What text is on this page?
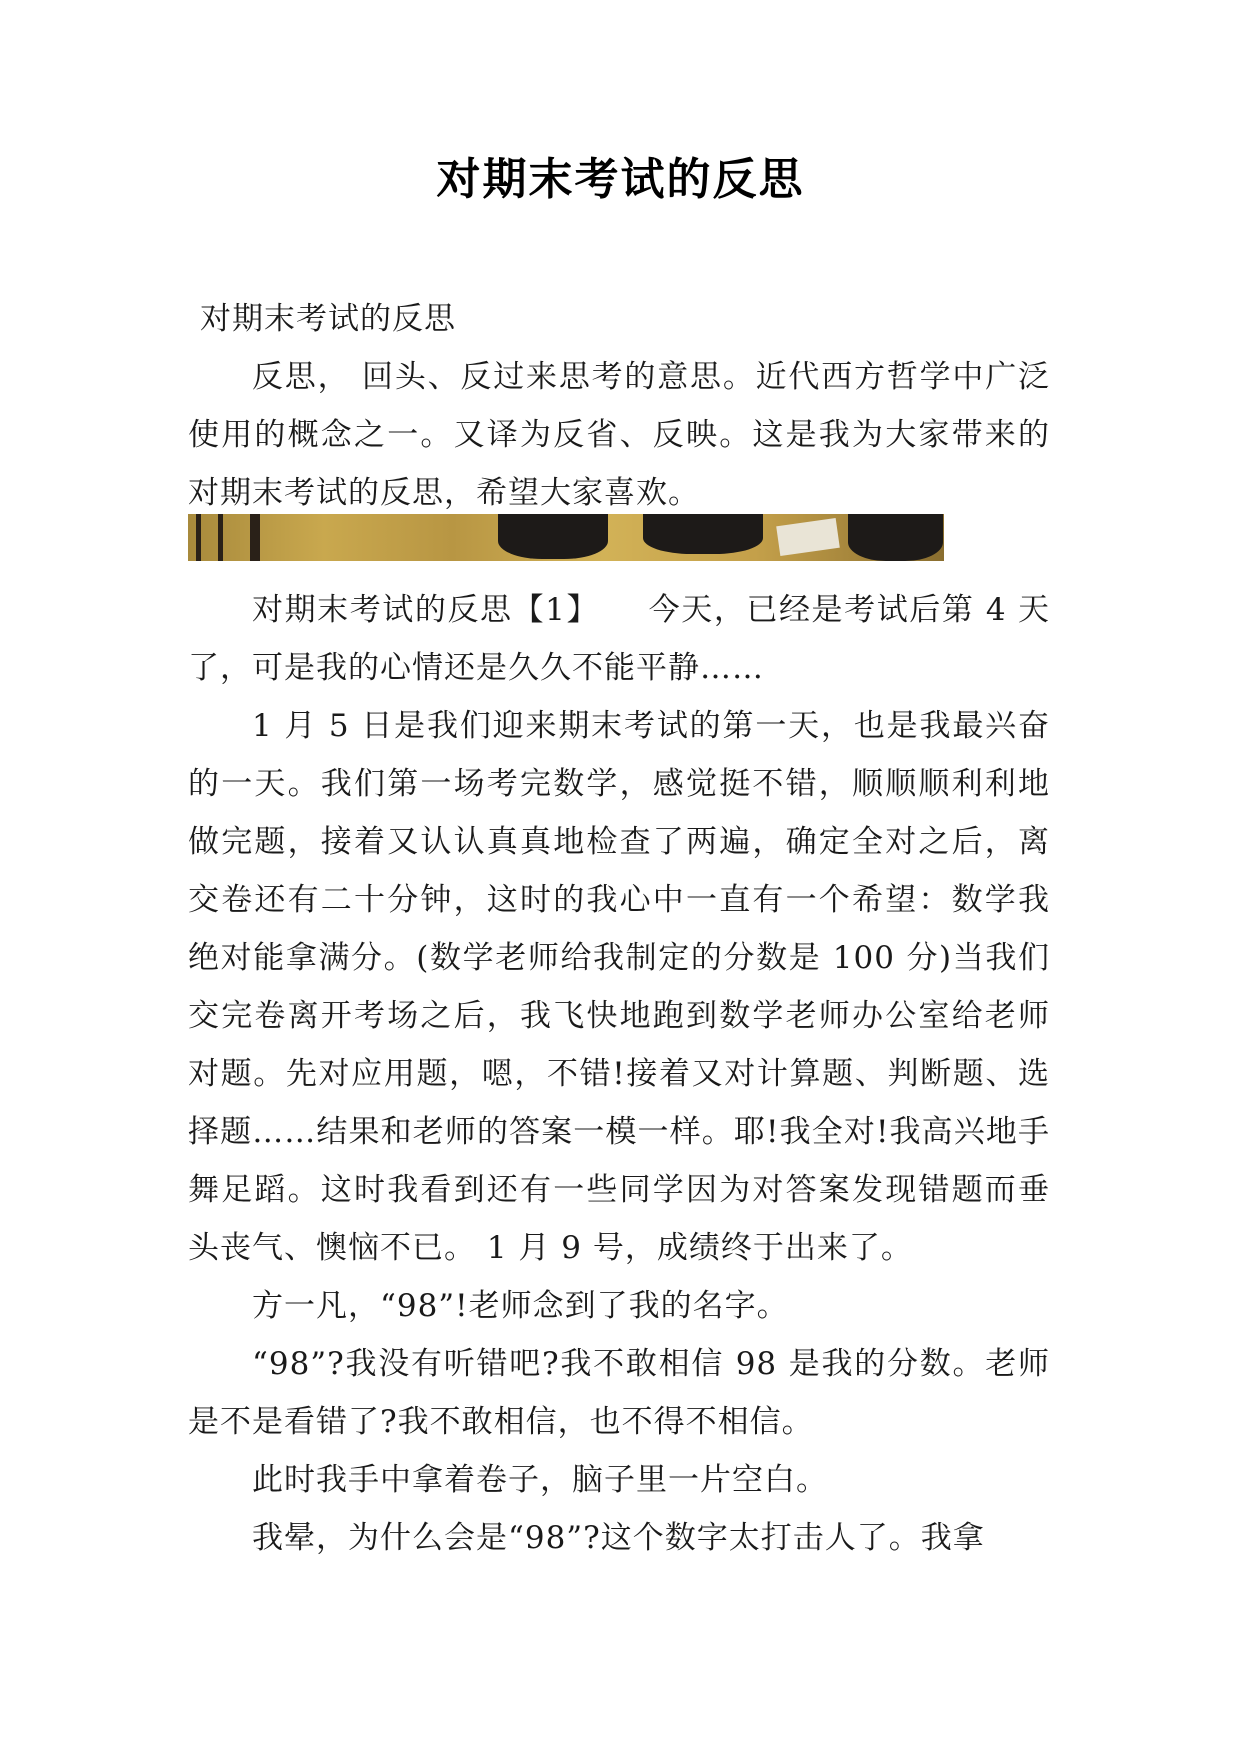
对期末考试的反思
对期末考试的反思

反思， 回头、反过来思考的意思。近代西方哲学中广泛使用的概念之一。又译为反省、反映。这是我为大家带来的对期末考试的反思，希望大家喜欢。

对期末考试的反思【1】　　今天，已经是考试后第 4 天了，可是我的心情还是久久不能平静……

1 月 5 日是我们迎来期末考试的第一天，也是我最兴奋的一天。我们第一场考完数学，感觉挺不错，顺顺顺利利地做完题，接着又认认真真地检查了两遍，确定全对之后，离交卷还有二十分钟，这时的我心中一直有一个希望：数学我绝对能拿满分。(数学老师给我制定的分数是 100 分)当我们交完卷离开考场之后，我飞快地跑到数学老师办公室给老师对题。先对应用题，嗯，不错!接着又对计算题、判断题、选择题……结果和老师的答案一模一样。耶!我全对!我高兴地手舞足蹈。这时我看到还有一些同学因为对答案发现错题而垂头丧气、懊恼不已。 1 月 9 号，成绩终于出来了。

方一凡，“98”!老师念到了我的名字。

“98”?我没有听错吧?我不敢相信 98 是我的分数。老师是不是看错了?我不敢相信，也不得不相信。

此时我手中拿着卷子，脑子里一片空白。

我晕，为什么会是“98”?这个数字太打击人了。我拿
